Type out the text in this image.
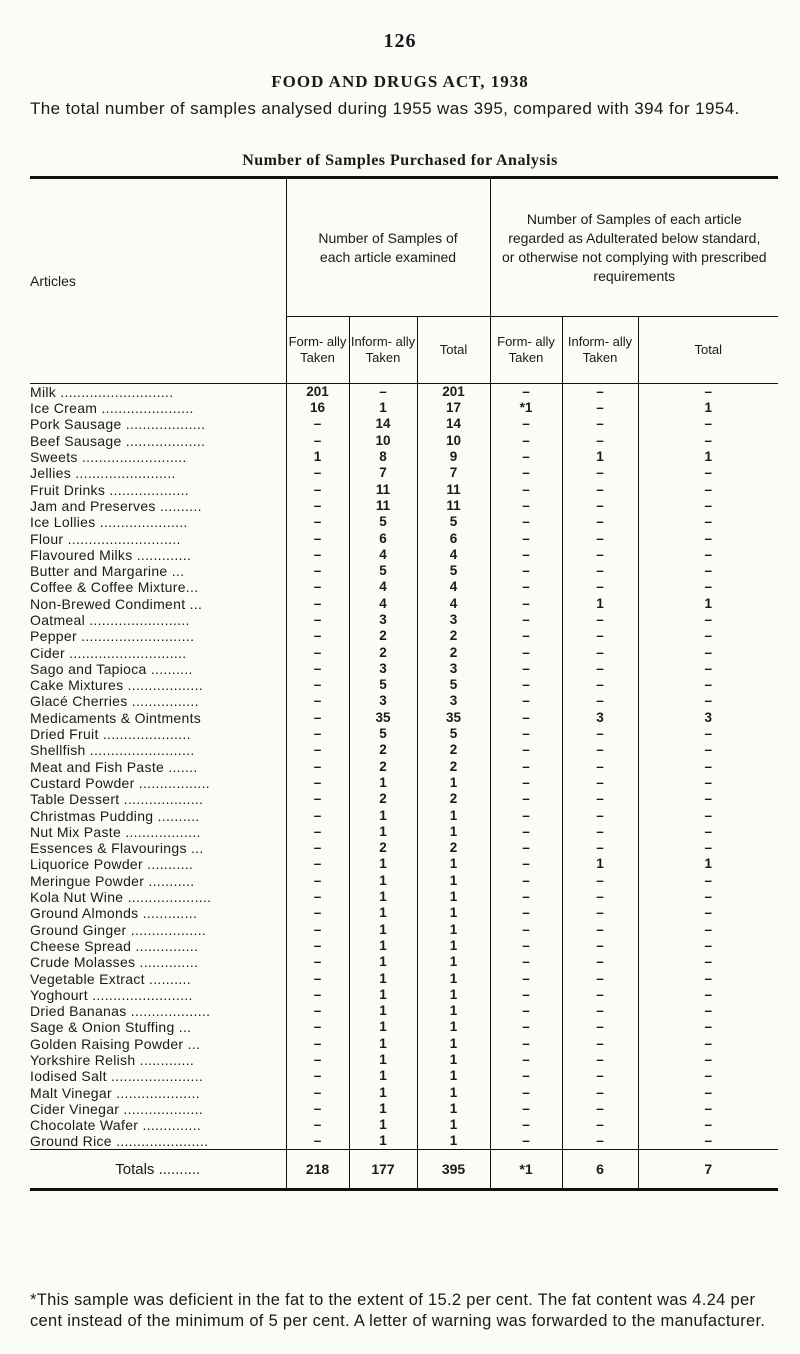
126
FOOD AND DRUGS ACT, 1938
The total number of samples analysed during 1955 was 395, compared with 394 for 1954.
Number of Samples Purchased for Analysis
Articles	Number of Samples of each article examined			Number of Samples of each article regarded as Adulterated below standard, or otherwise not complying with prescribed requirements		

	Form- ally Taken	Inform- ally Taken	Total	Form- ally Taken	Inform- ally Taken	Total
Milk ...........................	201	–	201	–	–	–
Ice Cream ......................	16	1	17	*1	–	1
Pork Sausage ...................	–	14	14	–	–	–
Beef Sausage ...................	–	10	10	–	–	–
Sweets .........................	1	8	9	–	1	1
Jellies ........................	–	7	7	–	–	–
Fruit Drinks ...................	–	11	11	–	–	–
Jam and Preserves ..........	–	11	11	–	–	–
Ice Lollies .....................	–	5	5	–	–	–
Flour ...........................	–	6	6	–	–	–
Flavoured Milks .............	–	4	4	–	–	–
Butter and Margarine ...	–	5	5	–	–	–
Coffee & Coffee Mixture...	–	4	4	–	–	–
Non-Brewed Condiment ...	–	4	4	–	1	1
Oatmeal ........................	–	3	3	–	–	–
Pepper ...........................	–	2	2	–	–	–
Cider ............................	–	2	2	–	–	–
Sago and Tapioca ..........	–	3	3	–	–	–
Cake Mixtures ..................	–	5	5	–	–	–
Glacé Cherries ................	–	3	3	–	–	–
Medicaments & Ointments	–	35	35	–	3	3
Dried Fruit .....................	–	5	5	–	–	–
Shellfish .........................	–	2	2	–	–	–
Meat and Fish Paste .......	–	2	2	–	–	–
Custard Powder .................	–	1	1	–	–	–
Table Dessert ...................	–	2	2	–	–	–
Christmas Pudding ..........	–	1	1	–	–	–
Nut Mix Paste ..................	–	1	1	–	–	–
Essences & Flavourings ...	–	2	2	–	–	–
Liquorice Powder ...........	–	1	1	–	1	1
Meringue Powder ...........	–	1	1	–	–	–
Kola Nut Wine ....................	–	1	1	–	–	–
Ground Almonds .............	–	1	1	–	–	–
Ground Ginger ..................	–	1	1	–	–	–
Cheese Spread ...............	–	1	1	–	–	–
Crude Molasses ..............	–	1	1	–	–	–
Vegetable Extract ..........	–	1	1	–	–	–
Yoghourt ........................	–	1	1	–	–	–
Dried Bananas ...................	–	1	1	–	–	–
Sage & Onion Stuffing ...	–	1	1	–	–	–
Golden Raising Powder ...	–	1	1	–	–	–
Yorkshire Relish .............	–	1	1	–	–	–
Iodised Salt ......................	–	1	1	–	–	–
Malt Vinegar ....................	–	1	1	–	–	–
Cider Vinegar ...................	–	1	1	–	–	–
Chocolate Wafer ..............	–	1	1	–	–	–
Ground Rice ......................	–	1	1	–	–	–
Totals ..........	218	177	395	*1	6	7
*This sample was deficient in the fat to the extent of 15.2 per cent. The fat content was 4.24 per cent instead of the minimum of 5 per cent. A letter of warning was forwarded to the manufacturer.
